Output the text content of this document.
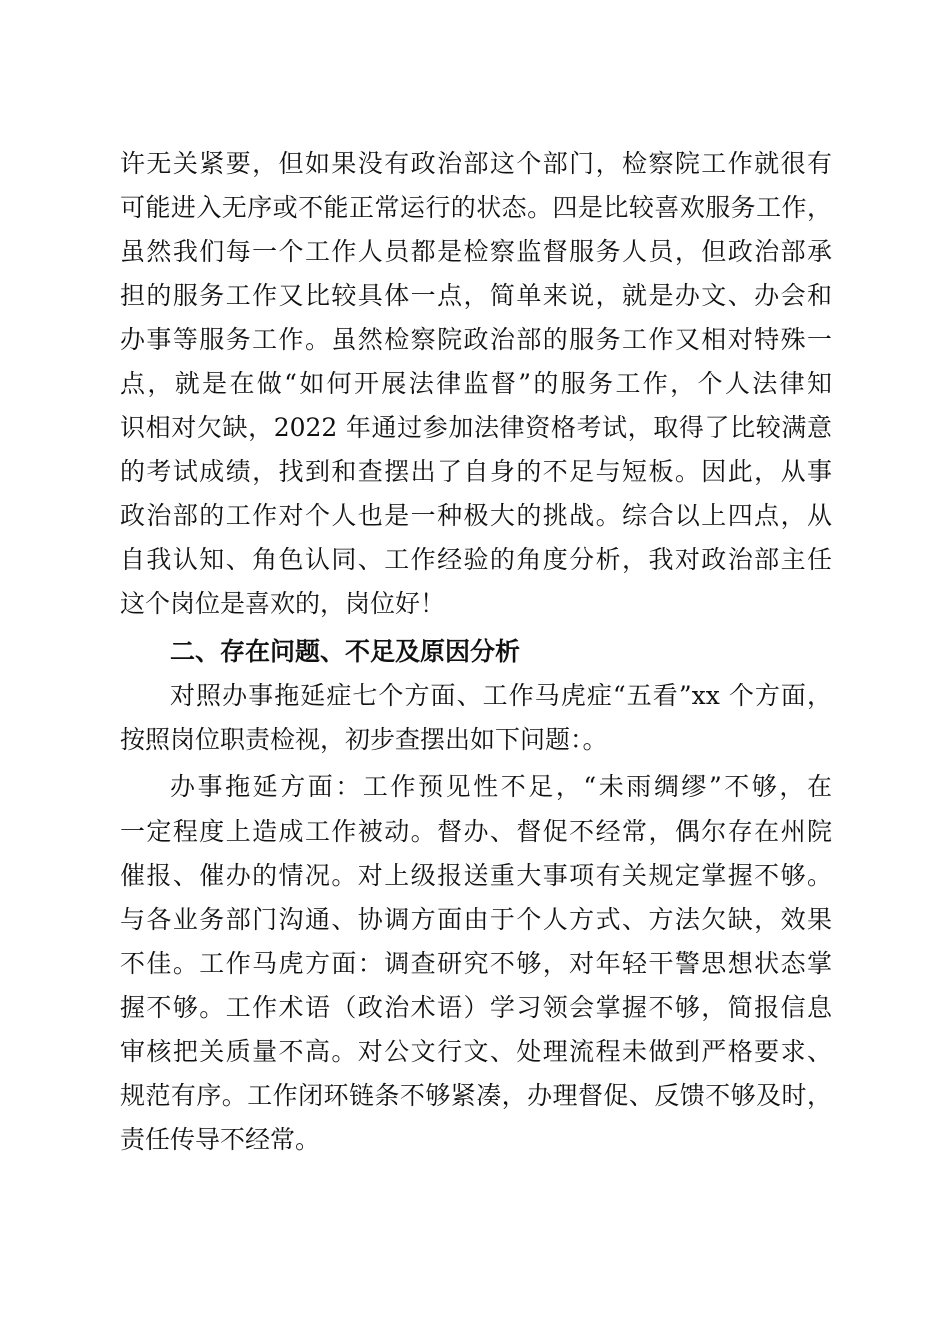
许无关紧要，但如果没有政治部这个部门，检察院工作就很有
可能进入无序或不能正常运行的状态。四是比较喜欢服务工作，
虽然我们每一个工作人员都是检察监督服务人员，但政治部承
担的服务工作又比较具体一点，简单来说，就是办文、办会和
办事等服务工作。虽然检察院政治部的服务工作又相对特殊一
点，就是在做“如何开展法律监督”的服务工作，个人法律知
识相对欠缺，2022 年通过参加法律资格考试，取得了比较满意
的考试成绩，找到和查摆出了自身的不足与短板。因此，从事
政治部的工作对个人也是一种极大的挑战。综合以上四点，从
自我认知、角色认同、工作经验的角度分析，我对政治部主任
这个岗位是喜欢的，岗位好！
二、存在问题、不足及原因分析
对照办事拖延症七个方面、工作马虎症“五看”xx 个方面，
按照岗位职责检视，初步查摆出如下问题：。
办事拖延方面：工作预见性不足，“未雨绸缪”不够，在
一定程度上造成工作被动。督办、督促不经常，偶尔存在州院
催报、催办的情况。对上级报送重大事项有关规定掌握不够。
与各业务部门沟通、协调方面由于个人方式、方法欠缺，效果
不佳。工作马虎方面：调查研究不够，对年轻干警思想状态掌
握不够。工作术语（政治术语）学习领会掌握不够，简报信息
审核把关质量不高。对公文行文、处理流程未做到严格要求、
规范有序。工作闭环链条不够紧凑，办理督促、反馈不够及时，
责任传导不经常。
